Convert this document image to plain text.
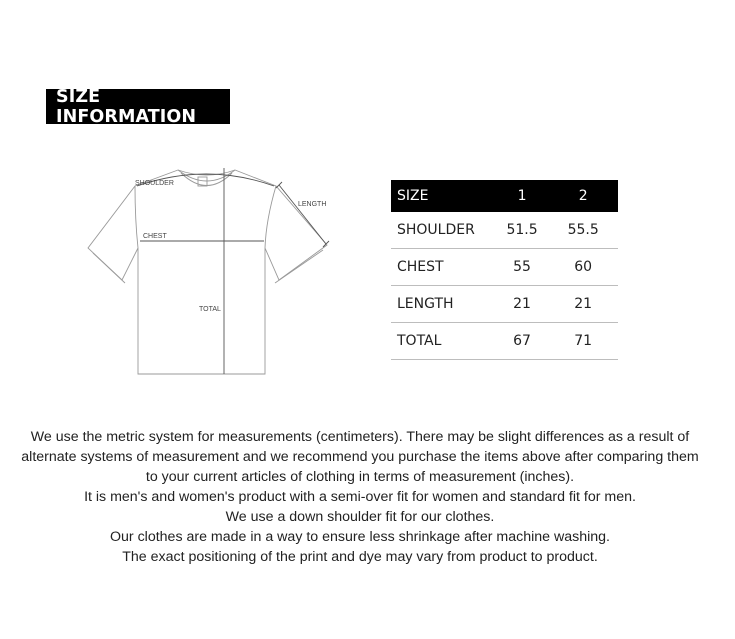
SIZE INFORMATION
SHOULDER
CHEST
LENGTH
TOTAL
SIZE	1	2
SHOULDER	51.5	55.5
CHEST	55	60
LENGTH	21	21
TOTAL	67	71

We use the metric system for measurements (centimeters). There may be slight differences as a result of alternate systems of measurement and we recommend you purchase the items above after comparing them to your current articles of clothing in terms of measurement (inches).

It is men's and women's product with a semi-over fit for women and standard fit for men.

We use a down shoulder fit for our clothes.

Our clothes are made in a way to ensure less shrinkage after machine washing.

The exact positioning of the print and dye may vary from product to product.
